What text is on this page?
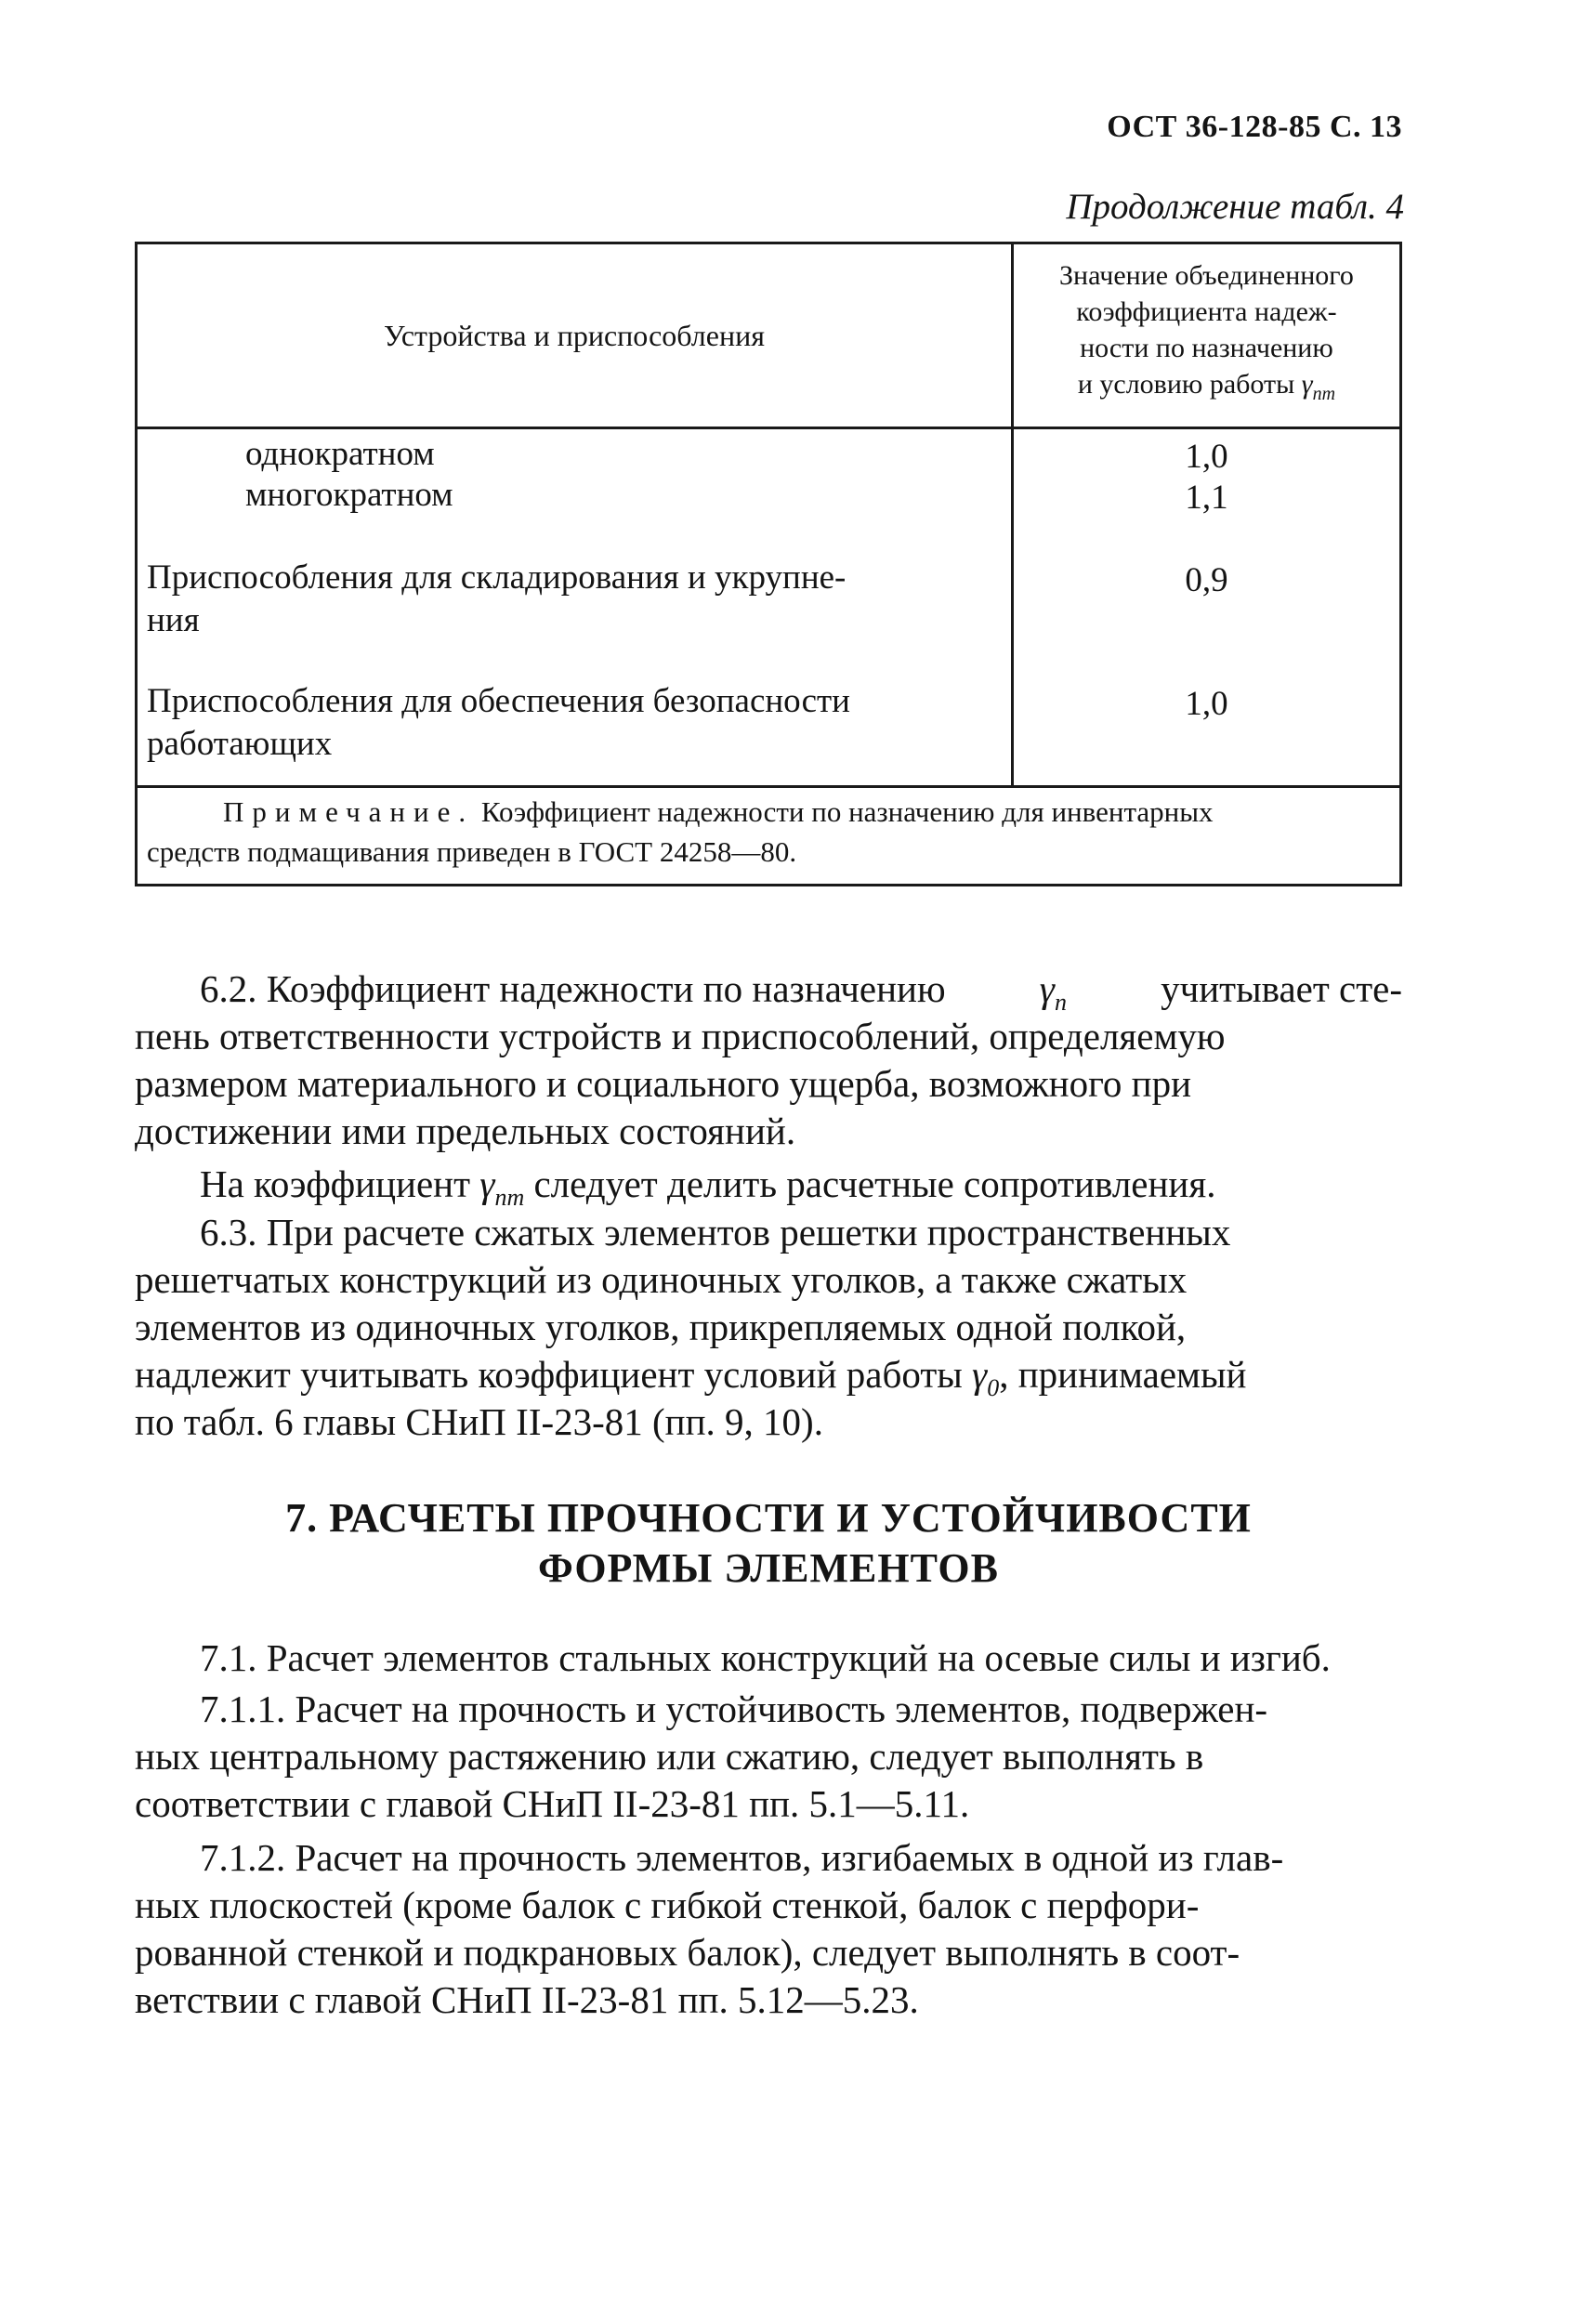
ОСТ 36-128-85 С. 13
Продолжение табл. 4
Устройства и приспособления
Значение объединенного
коэффициента надеж-
ности по назначению
и условию работы $\gamma_{nm}$
однократном
многократном
Приспособления для складирования и укрупне-
ния
Приспособления для обеспечения безопасности
работающих
1,0
1,1
0,9
1,0
Примечание. Коэффициент надежности по назначению для инвентарных
средств подмащивания приведен в ГОСТ 24258—80.
6.2. Коэффициент надежности по назначению $\gamma_n$ учитывает сте-
пень ответственности устройств и приспособлений, определяемую
размером материального и социального ущерба, возможного при
достижении ими предельных состояний.
На коэффициент $\gamma_{nm}$ следует делить расчетные сопротивления.
6.3. При расчете сжатых элементов решетки пространственных
решетчатых конструкций из одиночных уголков, а также сжатых
элементов из одиночных уголков, прикрепляемых одной полкой,
надлежит учитывать коэффициент условий работы $\gamma_0$, принимаемый
по табл. 6 главы СНиП II-23-81 (пп. 9, 10).
7. РАСЧЕТЫ ПРОЧНОСТИ И УСТОЙЧИВОСТИ
ФОРМЫ ЭЛЕМЕНТОВ
7.1. Расчет элементов стальных конструкций на осевые силы и изгиб.
7.1.1. Расчет на прочность и устойчивость элементов, подвержен-
ных центральному растяжению или сжатию, следует выполнять в
соответствии с главой СНиП II-23-81 пп. 5.1—5.11.
7.1.2. Расчет на прочность элементов, изгибаемых в одной из глав-
ных плоскостей (кроме балок с гибкой стенкой, балок с перфори-
рованной стенкой и подкрановых балок), следует выполнять в соот-
ветствии с главой СНиП II-23-81 пп. 5.12—5.23.
